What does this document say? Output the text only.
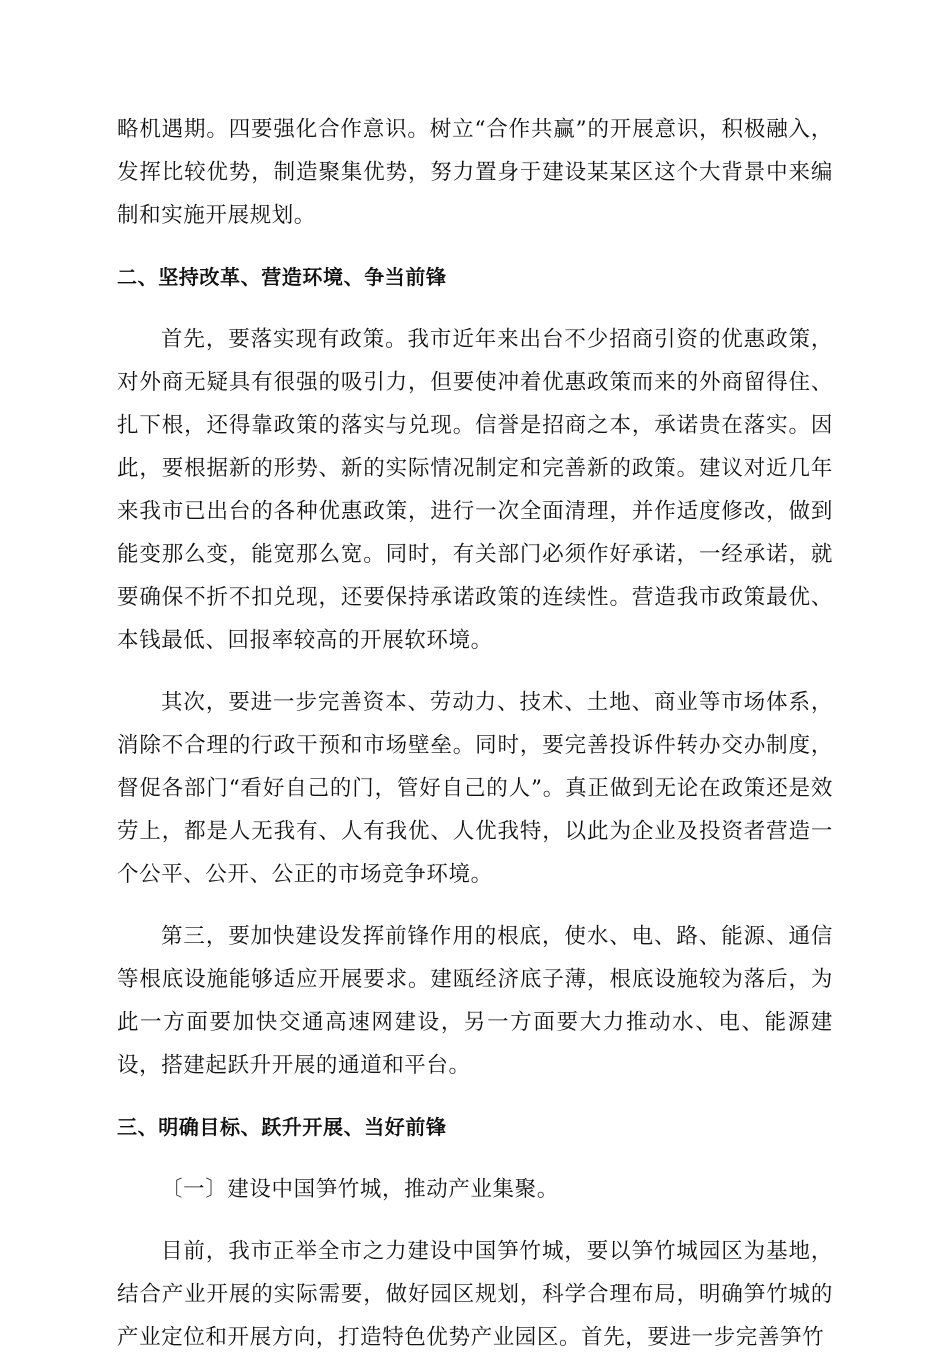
略机遇期。四要强化合作意识。树立“合作共赢”的开展意识，积极融入，发挥比较优势，制造聚集优势，努力置身于建设某某区这个大背景中来编制和实施开展规划。

二、坚持改革、营造环境、争当前锋

首先，要落实现有政策。我市近年来出台不少招商引资的优惠政策，对外商无疑具有很强的吸引力，但要使冲着优惠政策而来的外商留得住、扎下根，还得靠政策的落实与兑现。信誉是招商之本，承诺贵在落实。因此，要根据新的形势、新的实际情况制定和完善新的政策。建议对近几年来我市已出台的各种优惠政策，进行一次全面清理，并作适度修改，做到能变那么变，能宽那么宽。同时，有关部门必须作好承诺，一经承诺，就要确保不折不扣兑现，还要保持承诺政策的连续性。营造我市政策最优、本钱最低、回报率较高的开展软环境。

其次，要进一步完善资本、劳动力、技术、土地、商业等市场体系，消除不合理的行政干预和市场壁垒。同时，要完善投诉件转办交办制度，督促各部门“看好自己的门，管好自己的人”。真正做到无论在政策还是效劳上，都是人无我有、人有我优、人优我特，以此为企业及投资者营造一个公平、公开、公正的市场竞争环境。

第三，要加快建设发挥前锋作用的根底，使水、电、路、能源、通信等根底设施能够适应开展要求。建瓯经济底子薄，根底设施较为落后，为此一方面要加快交通高速网建设，另一方面要大力推动水、电、能源建设，搭建起跃升开展的通道和平台。

三、明确目标、跃升开展、当好前锋

〔一〕建设中国笋竹城，推动产业集聚。

目前，我市正举全市之力建设中国笋竹城，要以笋竹城园区为基地，结合产业开展的实际需要，做好园区规划，科学合理布局，明确笋竹城的产业定位和开展方向，打造特色优势产业园区。首先，要进一步完善笋竹
